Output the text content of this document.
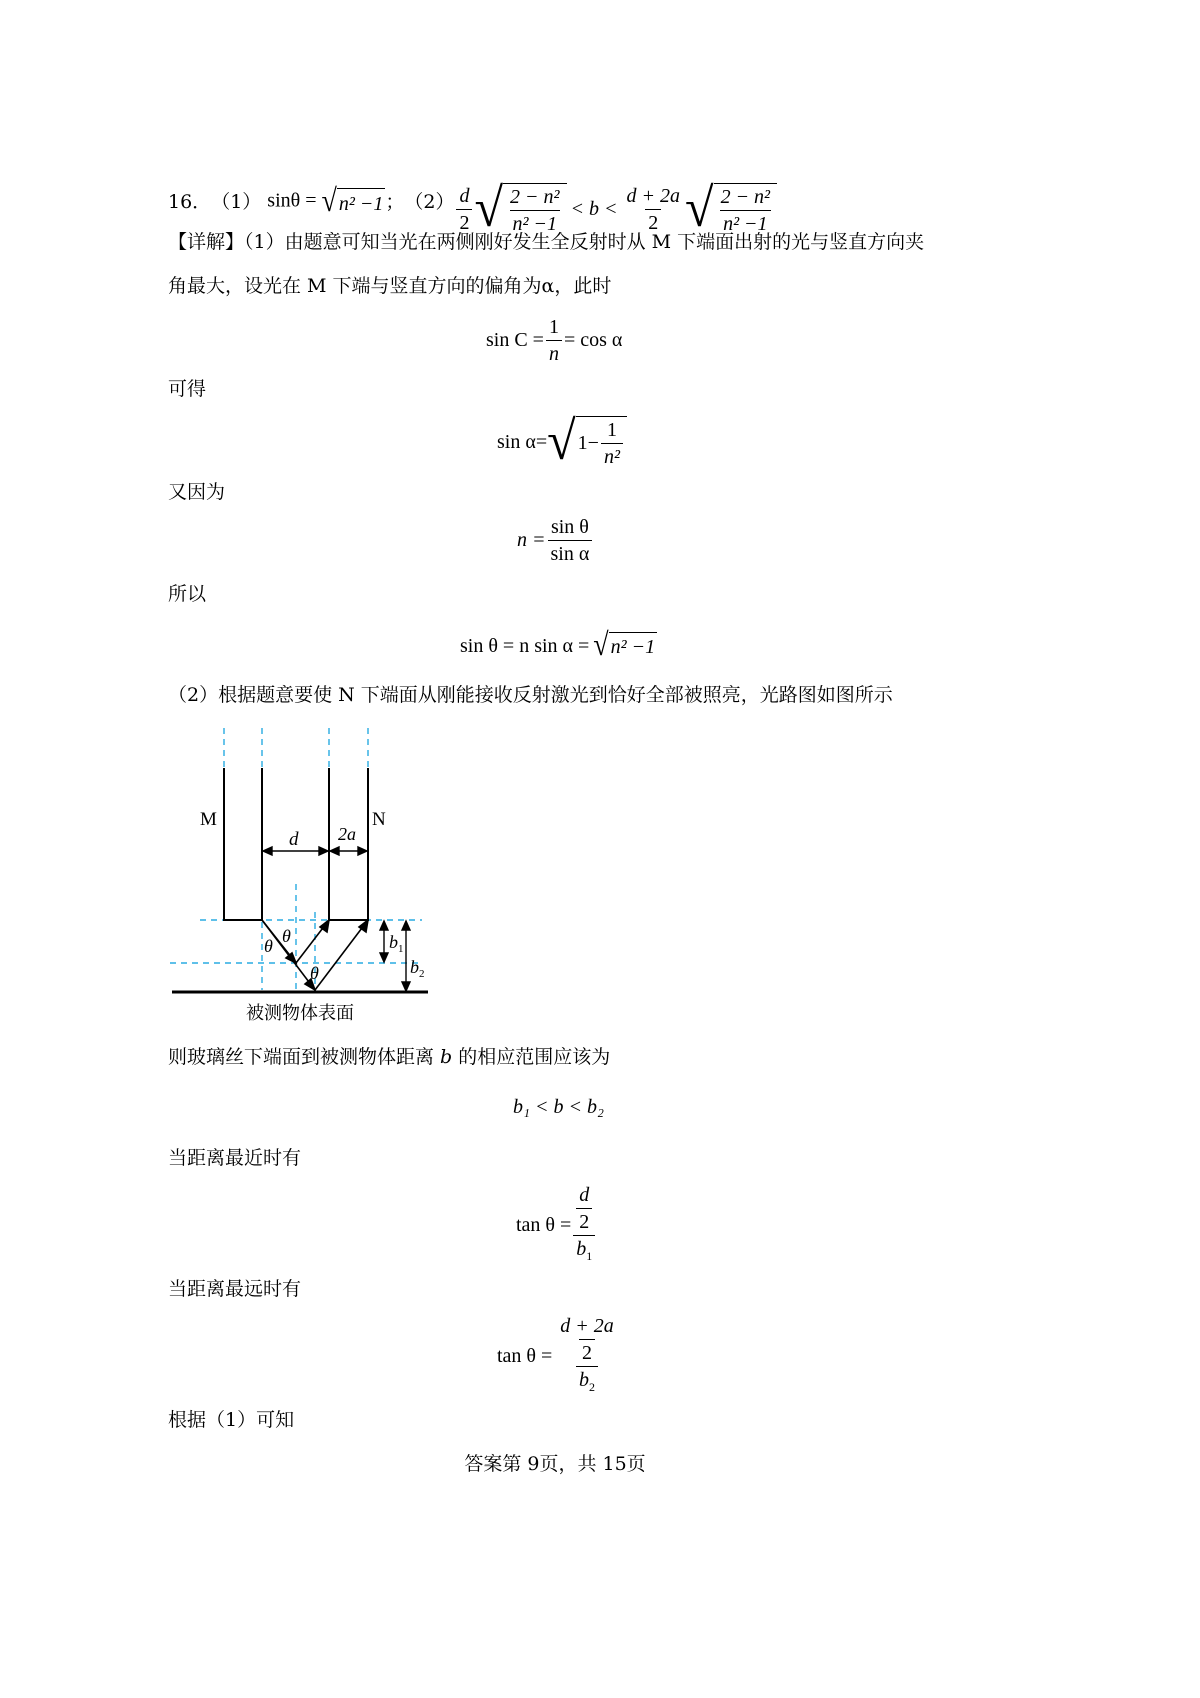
16． （1） sinθ = √ n² −1 ； $(2) \frac{d}{2}$ √ $\frac{\text{2 − n²}}{\text{n² −1}} < b < \frac{d + 2a}{2}$ √ $\frac{\text{2 − n²}}{\text{n² −1}}$
【详解】（1）由题意可知当光在两侧刚好发生全反射时从 M 下端面出射的光与竖直方向夹
角最大，设光在 M 下端与竖直方向的偏角为α，此时
$\sin C = \frac{1}{n} = \cos \alpha$
可得
sin α= √ $1- \frac{1}{\text{n²}}$
又因为
$n = \frac{\text{sin θ}}{\text{sin α}}$
所以
sin θ = n sin α = √ n² −1
（2）根据题意要使 N 下端面从刚能接收反射激光到恰好全部被照亮，光路图如图所示
M	N
d 2a
θ θ
θ
$b_1$
$b_2$
被测物体表面
则玻璃丝下端面到被测物体距离 b 的相应范围应该为
b₁ < b < b₂
当距离最近时有
$\tan \theta = \frac{\frac{d}{2}}{b_1}$
当距离最远时有
$\tan \theta = \frac{\frac{d + 2a}{2}}{b_2}$
根据（1）可知
答案第 9页，共 15页
